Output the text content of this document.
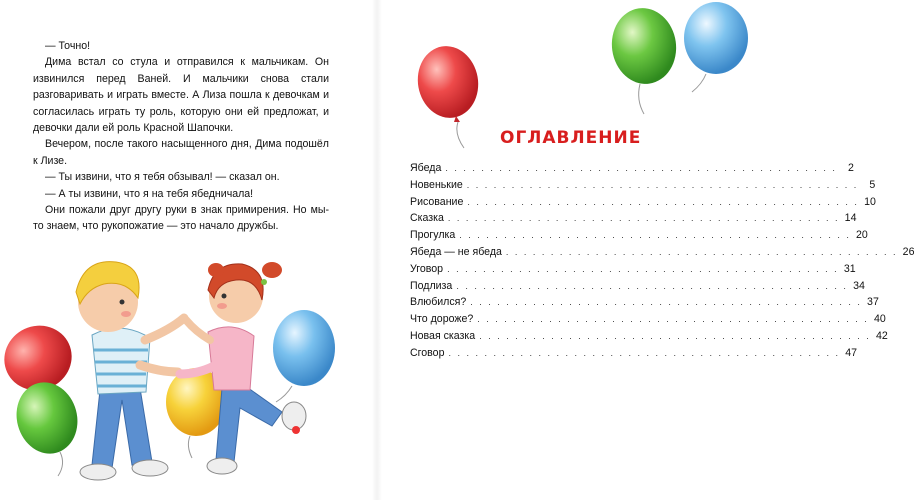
— Точно!

Дима встал со стула и отправился к мальчикам. Он извинился перед Ваней. И мальчики снова стали разговаривать и играть вместе. А Лиза пошла к девочкам и согласилась играть ту роль, которую они ей предложат, и девочки дали ей роль Красной Шапочки.

Вечером, после такого насыщенного дня, Дима подошёл к Лизе.

— Ты извини, что я тебя обзывал! — сказал он.

— А ты извини, что я на тебя ябедничала!

Они пожали друг другу руки в знак примирения. Но мы-то знаем, что рукопожатие — это начало дружбы.

ОГЛАВЛЕНИЕ
Ябеда . . . . . . . . . . . . . . . . . . . . . . . . . . . . . . . . . . . . . . . . . . . .	2
Новенькие . . . . . . . . . . . . . . . . . . . . . . . . . . . . . . . . . . . . . . . . . . . .	5
Рисование . . . . . . . . . . . . . . . . . . . . . . . . . . . . . . . . . . . . . . . . . . . . 10
Сказка . . . . . . . . . . . . . . . . . . . . . . . . . . . . . . . . . . . . . . . . . . . . 14
Прогулка . . . . . . . . . . . . . . . . . . . . . . . . . . . . . . . . . . . . . . . . . . . . 20
Ябеда — не ябеда . . . . . . . . . . . . . . . . . . . . . . . . . . . . . . . . . . . . . . . . . . . . 26
Уговор . . . . . . . . . . . . . . . . . . . . . . . . . . . . . . . . . . . . . . . . . . . . 31
Подлиза . . . . . . . . . . . . . . . . . . . . . . . . . . . . . . . . . . . . . . . . . . . . 34
Влюбился? . . . . . . . . . . . . . . . . . . . . . . . . . . . . . . . . . . . . . . . . . . . . 37
Что дороже? . . . . . . . . . . . . . . . . . . . . . . . . . . . . . . . . . . . . . . . . . . . . 40
Новая сказка . . . . . . . . . . . . . . . . . . . . . . . . . . . . . . . . . . . . . . . . . . . . 42
Сговор . . . . . . . . . . . . . . . . . . . . . . . . . . . . . . . . . . . . . . . . . . . . 47
